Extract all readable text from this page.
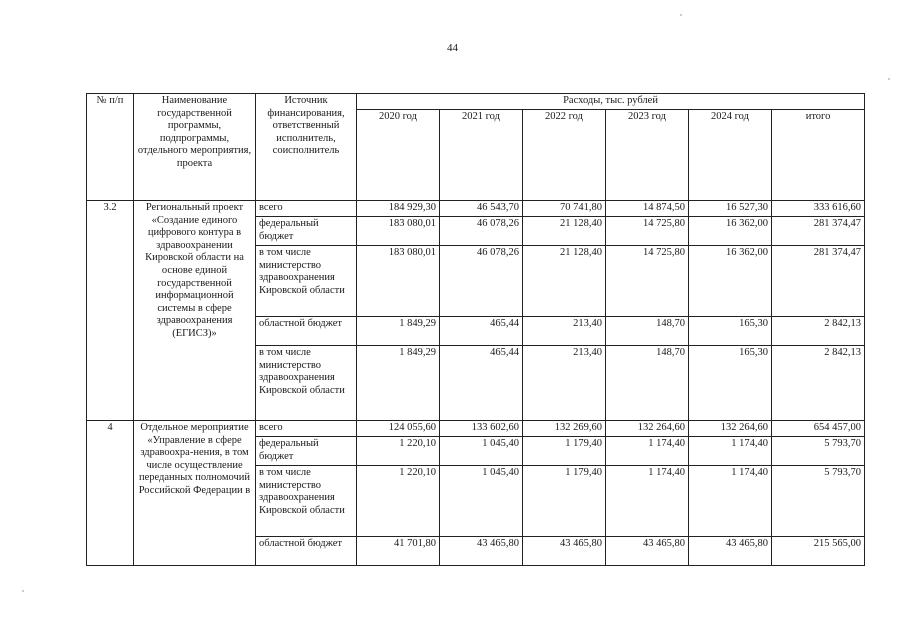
44
№ п/п	Наименование государственной программы, подпрограммы, отдельного мероприятия, проекта	Источник финансирования, ответственный исполнитель, соисполнитель	Расходы, тыс. рублей					
			2020 год	2021 год	2022 год	2023 год	2024 год	итого
3.2	Региональный проект «Создание единого цифрового контура в здравоохранении Кировской области на основе единой государственной информационной системы в сфере здравоохранения (ЕГИСЗ)»	всего	184 929,30	46 543,70	70 741,80	14 874,50	16 527,30	333 616,60
		федеральный бюджет	183 080,01	46 078,26	21 128,40	14 725,80	16 362,00	281 374,47
		в том числе министерство здравоохранения Кировской области	183 080,01	46 078,26	21 128,40	14 725,80	16 362,00	281 374,47
		областной бюджет	1 849,29	465,44	213,40	148,70	165,30	2 842,13
		в том числе министерство здравоохранения Кировской области	1 849,29	465,44	213,40	148,70	165,30	2 842,13
4	Отдельное мероприятие «Управление в сфере здравоохра-нения, в том числе осуществление переданных полномочий Российской Федерации в	всего	124 055,60	133 602,60	132 269,60	132 264,60	132 264,60	654 457,00
		федеральный бюджет	1 220,10	1 045,40	1 179,40	1 174,40	1 174,40	5 793,70
		в том числе министерство здравоохранения Кировской области	1 220,10	1 045,40	1 179,40	1 174,40	1 174,40	5 793,70
		областной бюджет	41 701,80	43 465,80	43 465,80	43 465,80	43 465,80	215 565,00
